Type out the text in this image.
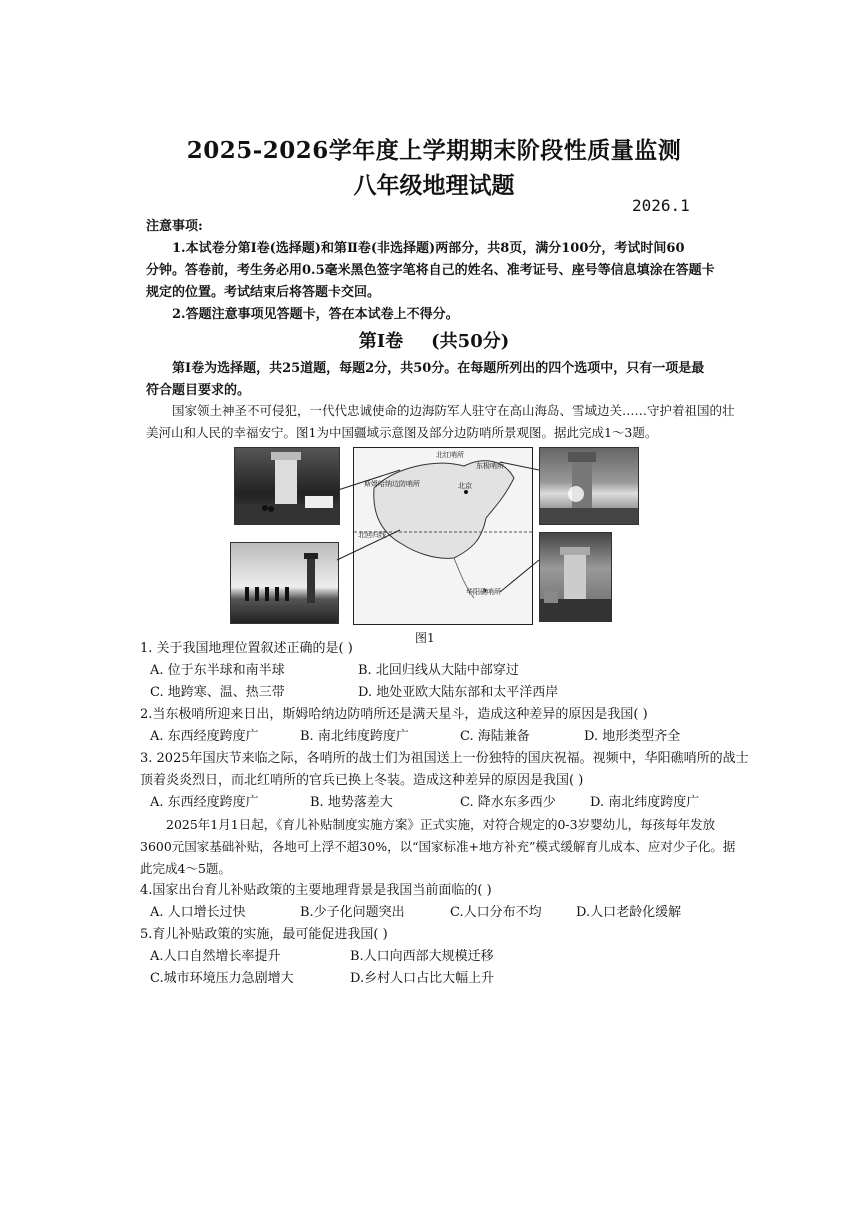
2025-2026学年度上学期期末阶段性质量监测
八年级地理试题
2026.1
注意事项:
1.本试卷分第Ⅰ卷(选择题)和第Ⅱ卷(非选择题)两部分，共8页，满分100分，考试时间60
分钟。答卷前，考生务必用0.5毫米黑色签字笔将自己的姓名、准考证号、座号等信息填涂在答题卡
规定的位置。考试结束后将答题卡交回。
2.答题注意事项见答题卡，答在本试卷上不得分。
第Ⅰ卷 (共50分)
第Ⅰ卷为选择题，共25道题，每题2分，共50分。在每题所列出的四个选项中，只有一项是最
符合题目要求的。
国家领土神圣不可侵犯，一代代忠诚使命的边海防军人驻守在高山海岛、雪域边关……守护着祖国的壮
美河山和人民的幸福安宁。图1为中国疆域示意图及部分边防哨所景观图。据此完成1～3题。
北红哨所
东极哨所
斯姆哈纳边防哨所	北京
北回归线
华阳礁哨所
图1
1. 关于我国地理位置叙述正确的是( )
A. 位于东半球和南半球	B. 北回归线从大陆中部穿过
C. 地跨寒、温、热三带	D. 地处亚欧大陆东部和太平洋西岸
2.当东极哨所迎来日出，斯姆哈纳边防哨所还是满天星斗，造成这种差异的原因是我国( )
A. 东西经度跨度广	B. 南北纬度跨度广	C. 海陆兼备	D. 地形类型齐全
3. 2025年国庆节来临之际，各哨所的战士们为祖国送上一份独特的国庆祝福。视频中，华阳礁哨所的战士
顶着炎炎烈日，而北红哨所的官兵已换上冬装。造成这种差异的原因是我国( )
A. 东西经度跨度广	B. 地势落差大	C. 降水东多西少	D. 南北纬度跨度广
2025年1月1日起，《育儿补贴制度实施方案》正式实施，对符合规定的0-3岁婴幼儿，每孩每年发放
3600元国家基础补贴，各地可上浮不超30%，以“国家标准+地方补充”模式缓解育儿成本、应对少子化。据
此完成4～5题。
4.国家出台育儿补贴政策的主要地理背景是我国当前面临的( )
A. 人口增长过快	B.少子化问题突出	C.人口分布不均	D.人口老龄化缓解
5.育儿补贴政策的实施，最可能促进我国( )
A.人口自然增长率提升	B.人口向西部大规模迁移
C.城市环境压力急剧增大	D.乡村人口占比大幅上升
